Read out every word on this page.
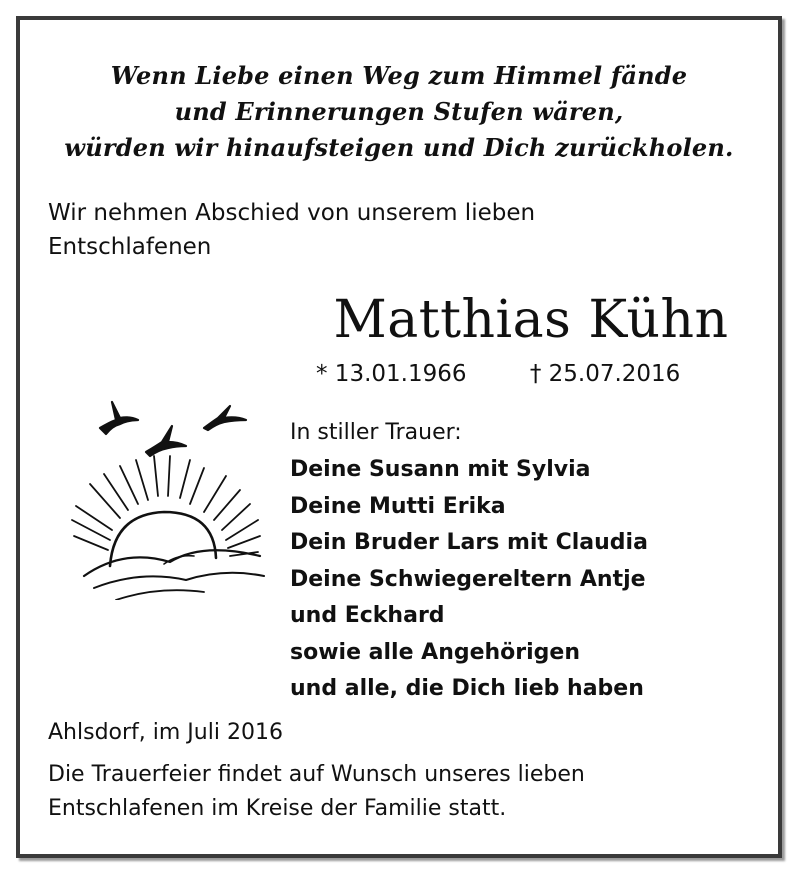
Wenn Liebe einen Weg zum Himmel fände
und Erinnerungen Stufen wären,
würden wir hinaufsteigen und Dich zurückholen.
Wir nehmen Abschied von unserem lieben
Entschlafenen
Matthias Kühn
* 13.01.1966	† 25.07.2016
In stiller Trauer:
Deine Susann mit Sylvia
Deine Mutti Erika
Dein Bruder Lars mit Claudia
Deine Schwiegereltern Antje
und Eckhard
sowie alle Angehörigen
und alle, die Dich lieb haben
Ahlsdorf, im Juli 2016
Die Trauerfeier findet auf Wunsch unseres lieben
Entschlafenen im Kreise der Familie statt.
